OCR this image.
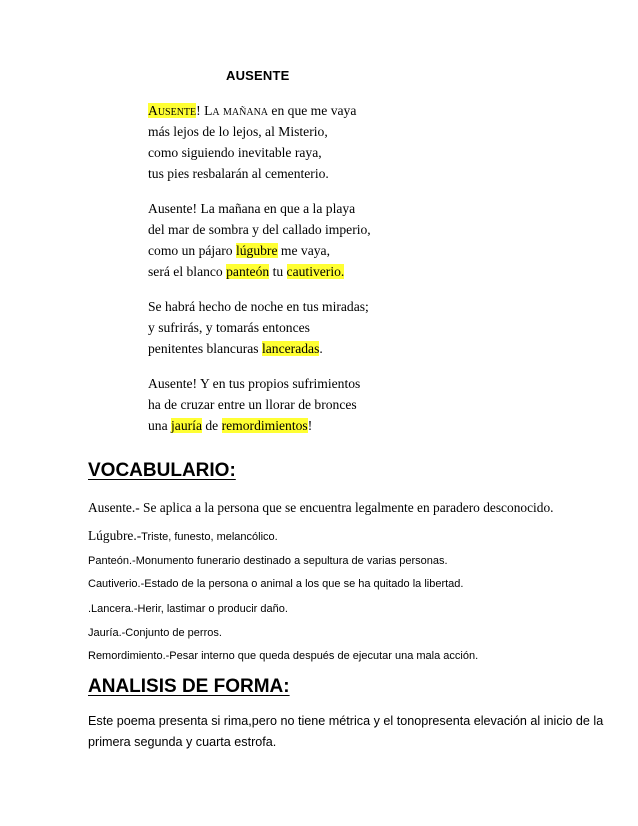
AUSENTE
Ausente! La mañana en que me vaya
más lejos de lo lejos, al Misterio,
como siguiendo inevitable raya,
tus pies resbalarán al cementerio.
Ausente! La mañana en que a la playa
del mar de sombra y del callado imperio,
como un pájaro lúgubre me vaya,
será el blanco panteón tu cautiverio.
Se habrá hecho de noche en tus miradas;
y sufrirás, y tomarás entonces
penitentes blancuras lanceradas.
Ausente! Y en tus propios sufrimientos
ha de cruzar entre un llorar de bronces
una jauría de remordimientos!
VOCABULARIO:
Ausente.- Se aplica a la persona que se encuentra legalmente en paradero desconocido.
Lúgubre.-Triste, funesto, melancólico.
Panteón.-Monumento funerario destinado a sepultura de varias personas.
Cautiverio.-Estado de la persona o animal a los que se ha quitado la libertad.
.Lancera.-Herir, lastimar o producir daño.
Jauría.-Conjunto de perros.
Remordimiento.-Pesar interno que queda después de ejecutar una mala acción.
ANALISIS DE FORMA:
Este poema presenta si rima,pero no tiene métrica y el tonopresenta elevación al inicio de la primera segunda y cuarta estrofa.
